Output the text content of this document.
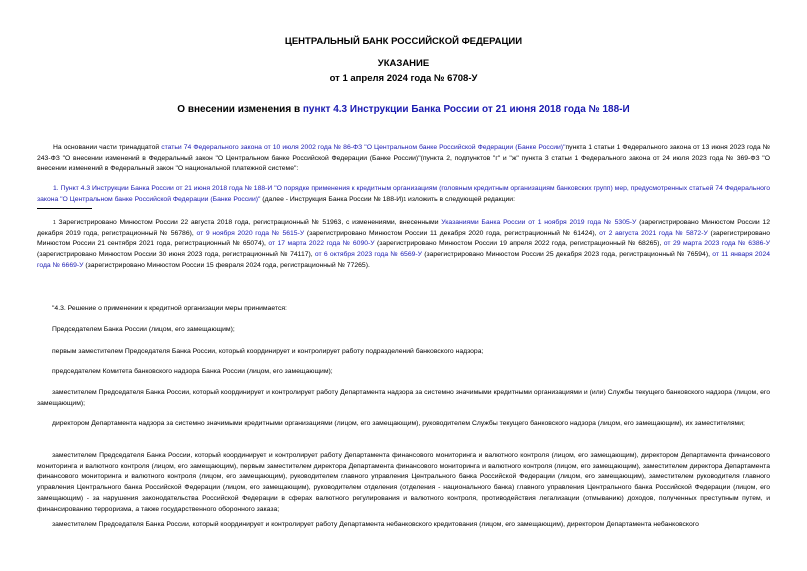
ЦЕНТРАЛЬНЫЙ БАНК РОССИЙСКОЙ ФЕДЕРАЦИИ
УКАЗАНИЕ
от 1 апреля 2024 года № 6708-У
О внесении изменения в пункт 4.3 Инструкции Банка России от 21 июня 2018 года № 188-И
На основании части тринадцатой статьи 74 Федерального закона от 10 июля 2002 года № 86-ФЗ "О Центральном банке Российской Федерации (Банке России)"пункта 1 статьи 1 Федерального закона от 13 июня 2023 года № 243-ФЗ "О внесении изменений в Федеральный закон "О Центральном банке Российской Федерации (Банке России)"(пункта 2, подпунктов "г" и "ж" пункта 3 статьи 1 Федерального закона от 24 июля 2023 года № 369-ФЗ "О внесении изменений в Федеральный закон "О национальной платежной системе":
1. Пункт 4.3 Инструкции Банка России от 21 июня 2018 года № 188-И "О порядке применения к кредитным организациям (головным кредитным организациям банковских групп) мер, предусмотренных статьей 74 Федерального закона "О Центральном банке Российской Федерации (Банке России)" (далее - Инструкция Банка России № 188-И)$^1$ изложить в следующей редакции:
$^1$ Зарегистрировано Минюстом России 22 августа 2018 года, регистрационный № 51963, с изменениями, внесенными Указаниями Банка России от 1 ноября 2019 года № 5305-У (зарегистрировано Минюстом России 12 декабря 2019 года, регистрационный № 56786), от 9 ноября 2020 года № 5615-У (зарегистрировано Минюстом России 11 декабря 2020 года, регистрационный № 61424), от 2 августа 2021 года № 5872-У (зарегистрировано Минюстом России 21 сентября 2021 года, регистрационный № 65074), от 17 марта 2022 года № 6090-У (зарегистрировано Минюстом России 19 апреля 2022 года, регистрационный № 68265), от 29 марта 2023 года № 6386-У (зарегистрировано Минюстом России 30 июня 2023 года, регистрационный № 74117), от 6 октября 2023 года № 6569-У (зарегистрировано Минюстом России 25 декабря 2023 года, регистрационный № 76594), от 11 января 2024 года № 6669-У (зарегистрировано Минюстом России 15 февраля 2024 года, регистрационный № 77265).
"4.3. Решение о применении к кредитной организации меры принимается:
Председателем Банка России (лицом, его замещающим);
первым заместителем Председателя Банка России, который координирует и контролирует работу подразделений банковского надзора;
председателем Комитета банковского надзора Банка России (лицом, его замещающим);
заместителем Председателя Банка России, который координирует и контролирует работу Департамента надзора за системно значимыми кредитными организациями и (или) Службы текущего банковского надзора (лицом, его замещающим);
директором Департамента надзора за системно значимыми кредитными организациями (лицом, его замещающим), руководителем Службы текущего банковского надзора (лицом, его замещающим), их заместителями;
заместителем Председателя Банка России, который координирует и контролирует работу Департамента финансового мониторинга и валютного контроля (лицом, его замещающим), директором Департамента финансового мониторинга и валютного контроля (лицом, его замещающим), первым заместителем директора Департамента финансового мониторинга и валютного контроля (лицом, его замещающим), заместителем директора Департамента финансового мониторинга и валютного контроля (лицом, его замещающим), руководителем главного управления Центрального банка Российской Федерации (лицом, его замещающим), заместителем руководителя главного управления Центрального банка Российской Федерации (лицом, его замещающим), руководителем отделения (отделения - национального банка) главного управления Центрального банка Российской Федерации (лицом, его замещающим) - за нарушения законодательства Российской Федерации в сферах валютного регулирования и валютного контроля, противодействия легализации (отмыванию) доходов, полученных преступным путем, и финансированию терроризма, а также государственного оборонного заказа;
заместителем Председателя Банка России, который координирует и контролирует работу Департамента небанковского кредитования (лицом, его замещающим), директором Департамента небанковского
